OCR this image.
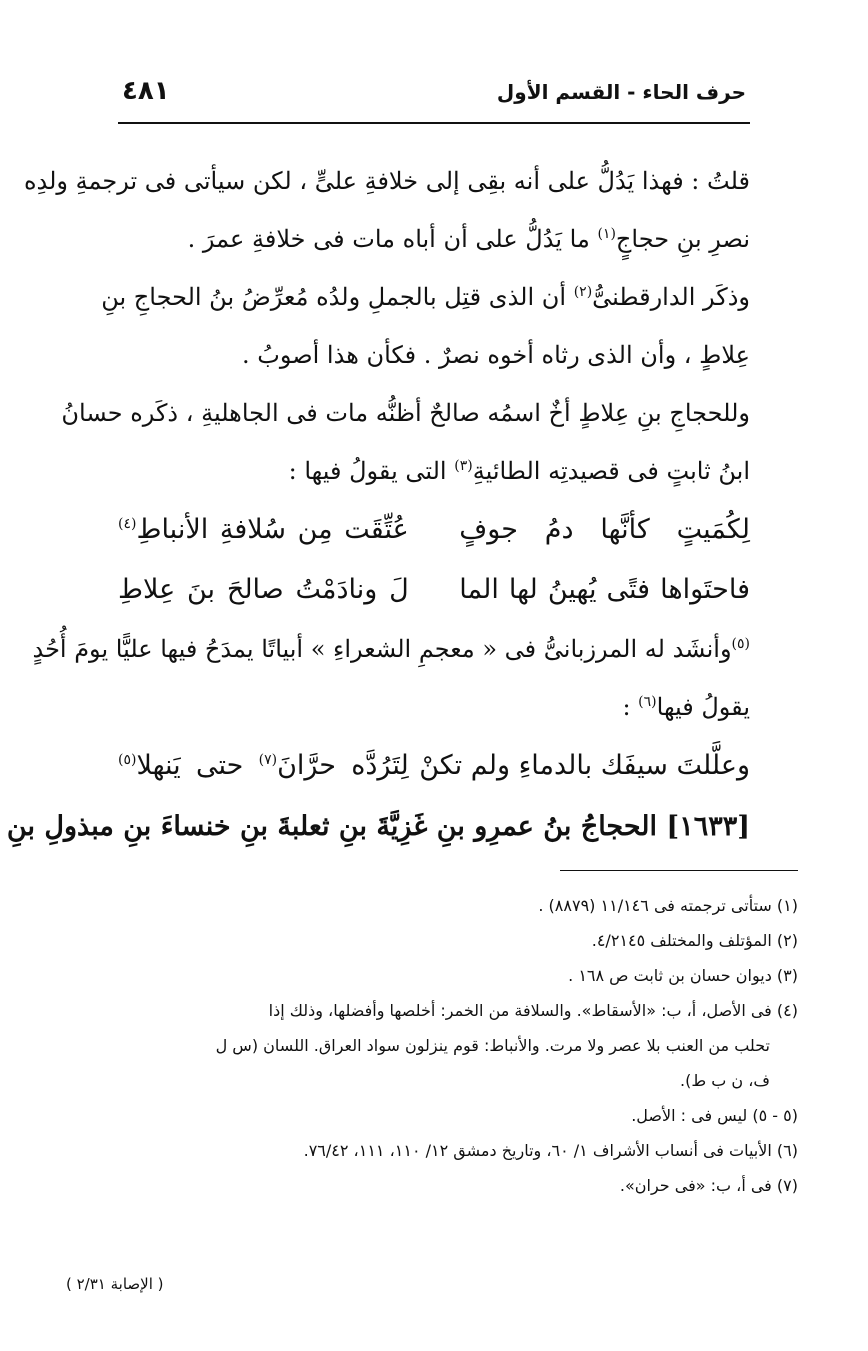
٤٨١	حرف الحاء - القسم الأول
قلتُ : فهذا يَدُلُّ على أنه بقِى إلى خلافةِ علىٍّ ، لكن سيأتى فى ترجمةِ ولدِه
نصرِ بنِ حجاجٍ$^{(١)}$ ما يَدُلُّ على أن أباه مات فى خلافةِ عمرَ .
وذكَر الدارقطنىُّ$^{(٢)}$ أن الذى قتِل بالجملِ ولدُه مُعرِّضُ بنُ الحجاجِ بنِ
عِلاطٍ ، وأن الذى رثاه أخوه نصرٌ . فكأن هذا أصوبُ .
وللحجاجِ بنِ عِلاطٍ أخٌ اسمُه صالحٌ أظنُّه مات فى الجاهليةِ ، ذكَره حسانُ
ابنُ ثابتٍ فى قصيدتِه الطائيةِ$^{(٣)}$ التى يقولُ فيها :
لِكُمَيتٍ كأنَّها دمُ جوفٍ
عُتِّقَت مِن سُلافةِ الأنباطِ$^{(٤)}$
فاحتَواها فتًى يُهينُ لها الما
لَ ونادَمْتُ صالحَ بنَ عِلاطِ
$^{(٥)}$وأنشَد له المرزبانىُّ فى « معجمِ الشعراءِ » أبياتًا يمدَحُ فيها عليًّا يومَ أُحُدٍ
يقولُ فيها$^{(٦)}$ :
وعلَّلتَ سيفَك بالدماءِ ولم تكنْ
لِتَرُدَّه حرَّانَ$^{(٧)}$ حتى يَنهلا$^{(٥)}$
[١٦٣٣] الحجاجُ بنُ عمرِو بنِ غَزِيَّةَ بنِ ثعلبةَ بنِ خنساءَ بنِ مبذولِ بنِ
(١) ستأتى ترجمته فى ١١/١٤٦ (٨٨٧٩) .
(٢) المؤتلف والمختلف ٤/٢١٤٥.
(٣) ديوان حسان بن ثابت ص ١٦٨ .
(٤) فى الأصل، أ، ب: «الأسقاط». والسلافة من الخمر: أخلصها وأفضلها، وذلك إذا
تحلب من العنب بلا عصر ولا مرت. والأنباط: قوم ينزلون سواد العراق. اللسان (س ل
ف، ن ب ط).
(٥ - ٥) ليس فى : الأصل.
(٦) الأبيات فى أنساب الأشراف ١/ ٦٠، وتاريخ دمشق ١٢/ ١١٠، ١١١، ٧٦/٤٢.
(٧) فى أ، ب: «فى حران».
( الإصابة ٢/٣١ )
